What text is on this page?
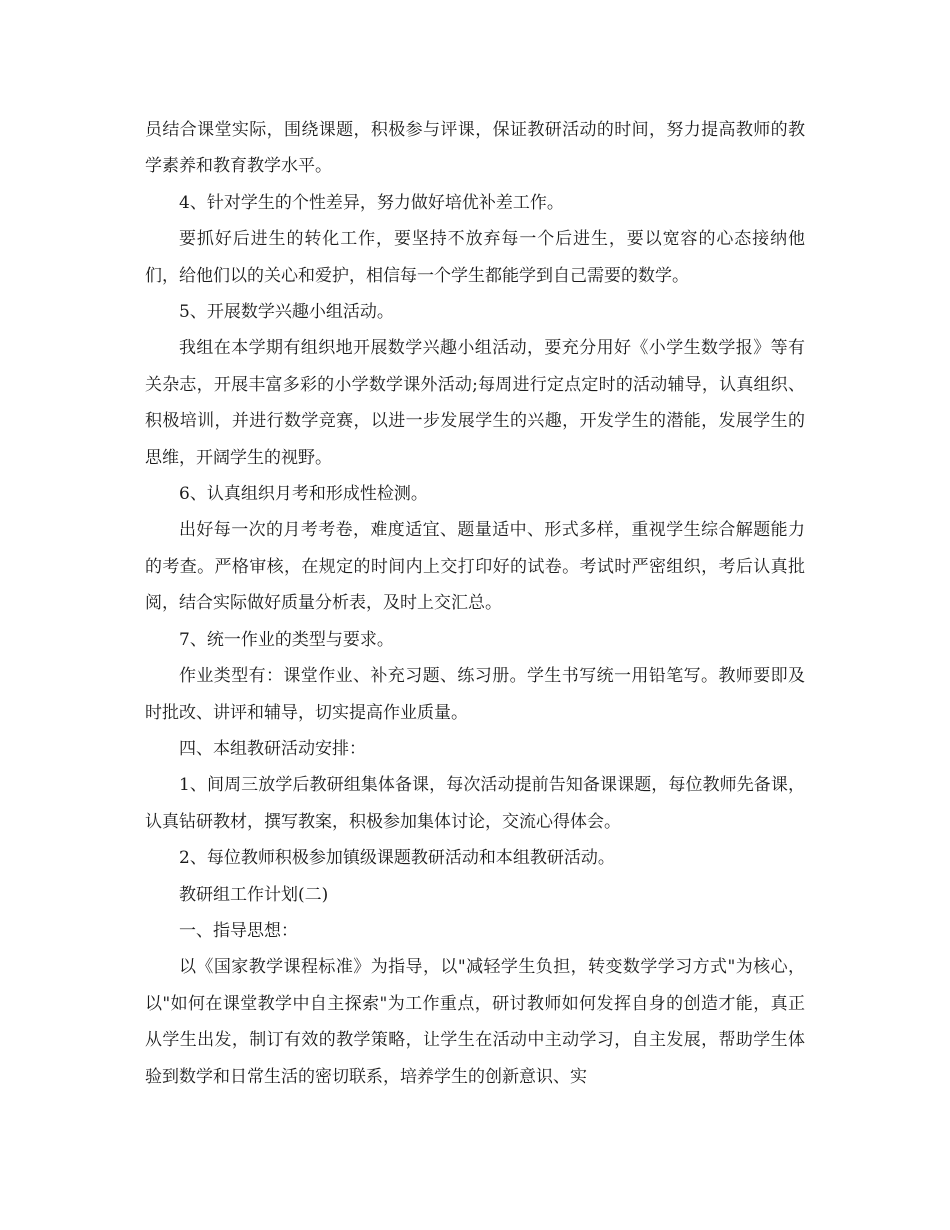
员结合课堂实际，围绕课题，积极参与评课，保证教研活动的时间，努力提高教师的教学素养和教育教学水平。

4、针对学生的个性差异，努力做好培优补差工作。

要抓好后进生的转化工作，要坚持不放弃每一个后进生，要以宽容的心态接纳他们，给他们以的关心和爱护，相信每一个学生都能学到自己需要的数学。

5、开展数学兴趣小组活动。

我组在本学期有组织地开展数学兴趣小组活动，要充分用好《小学生数学报》等有关杂志，开展丰富多彩的小学数学课外活动;每周进行定点定时的活动辅导，认真组织、积极培训，并进行数学竞赛，以进一步发展学生的兴趣，开发学生的潜能，发展学生的思维，开阔学生的视野。

6、认真组织月考和形成性检测。

出好每一次的月考考卷，难度适宜、题量适中、形式多样，重视学生综合解题能力的考查。严格审核，在规定的时间内上交打印好的试卷。考试时严密组织，考后认真批阅，结合实际做好质量分析表，及时上交汇总。

7、统一作业的类型与要求。

作业类型有：课堂作业、补充习题、练习册。学生书写统一用铅笔写。教师要即及时批改、讲评和辅导，切实提高作业质量。

四、本组教研活动安排：

1、间周三放学后教研组集体备课，每次活动提前告知备课课题，每位教师先备课，认真钻研教材，撰写教案，积极参加集体讨论，交流心得体会。

2、每位教师积极参加镇级课题教研活动和本组教研活动。

教研组工作计划(二)

一、指导思想：

以《国家教学课程标准》为指导，以"减轻学生负担，转变数学学习方式"为核心，以"如何在课堂教学中自主探索"为工作重点，研讨教师如何发挥自身的创造才能，真正从学生出发，制订有效的教学策略，让学生在活动中主动学习，自主发展，帮助学生体验到数学和日常生活的密切联系，培养学生的创新意识、实
